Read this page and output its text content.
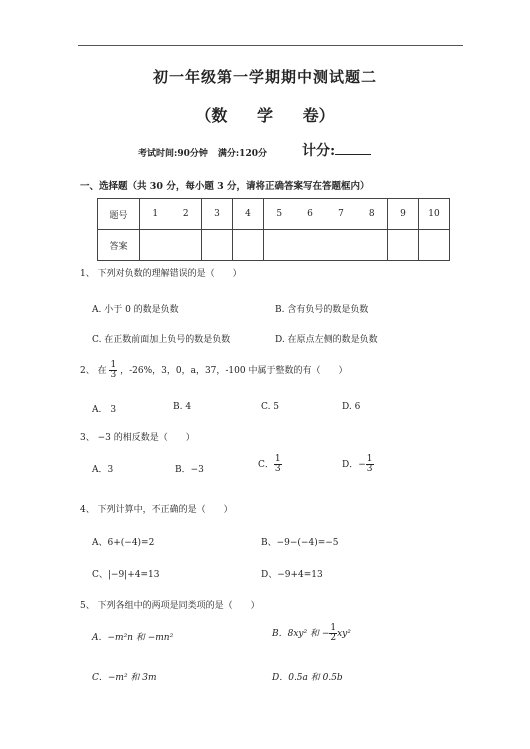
初一年级第一学期期中测试题二
（数 学 卷）
考试时间:90分钟 满分:120分	计分:
一、选择题（共 30 分，每小题 3 分，请将正确答案写在答题框内）
题号	1	2	3	4	5	6	7	8	9	10
答案										
1、 下列对负数的理解错误的是（　　）
A. 小于 0 的数是负数	B. 含有负号的数是负数
C. 在正数前面加上负号的数是负数	D. 在原点左侧的数是负数
2、 在 $\frac{1}{3}$ ，-26%，3，0，a，37，-100 中属于整数的有（　　）
A.　3	B. 4	C. 5	D. 6
3、 −3 的相反数是（　　）
A．3	B．−3	C． $\frac{1}{3}$	D．− $\frac{1}{3}$
4、 下列计算中，不正确的是（　　）
A、6+(−4)=2	B、−9−(−4)=−5
C、|−9|+4=13	D、−9+4=13
5、 下列各组中的两项是同类项的是（　　）
A．−m²n 和 −mn²	B．8xy² 和 − $\frac{1}{2} xy^2$
C．−m² 和 3m	D．0.5a 和 0.5b
